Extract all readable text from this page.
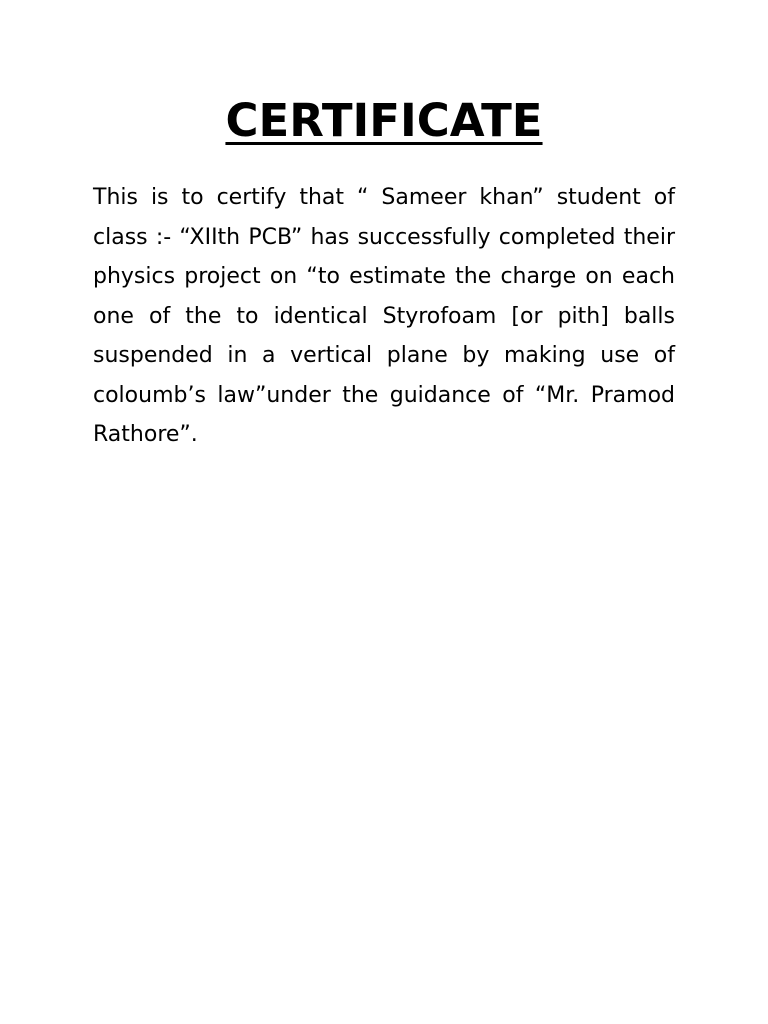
CERTIFICATE

This is to certify that “ Sameer khan” student of class :- “XIIth PCB” has successfully completed their physics project on “to estimate the charge on each one of the to identical Styrofoam [or pith] balls suspended in a vertical plane by making use of coloumb’s law”under the guidance of “Mr. Pramod Rathore”.
